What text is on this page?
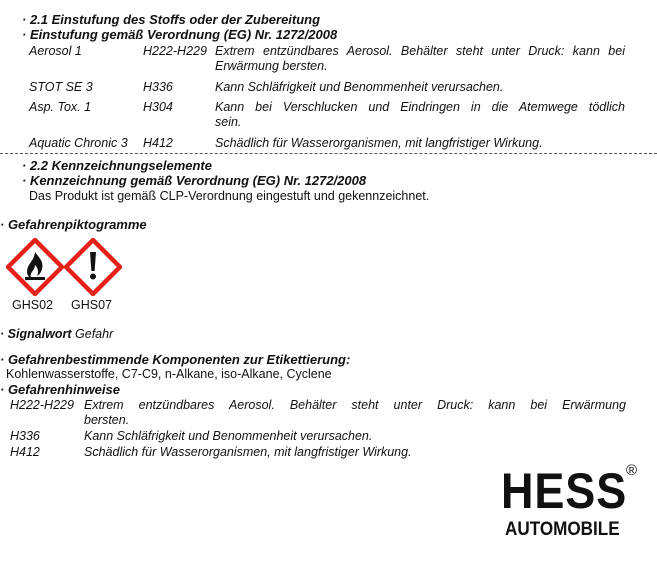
· 2.1 Einstufung des Stoffs oder der Zubereitung
· Einstufung gemäß Verordnung (EG) Nr. 1272/2008
Aerosol 1	H222-H229 Extrem entzündbares Aerosol. Behälter steht unter Druck: kann bei
Erwärmung bersten.
STOT SE 3	H336	Kann Schläfrigkeit und Benommenheit verursachen.
Asp. Tox. 1	H304	Kann bei Verschlucken und Eindringen in die Atemwege tödlich
sein.
Aquatic Chronic 3 H412	Schädlich für Wasserorganismen, mit langfristiger Wirkung.
· 2.2 Kennzeichnungselemente
· Kennzeichnung gemäß Verordnung (EG) Nr. 1272/2008
Das Produkt ist gemäß CLP-Verordnung eingestuft und gekennzeichnet.
· Gefahrenpiktogramme
GHS02 GHS07
· Signalwort Gefahr
· Gefahrenbestimmende Komponenten zur Etikettierung:
Kohlenwasserstoffe, C7-C9, n-Alkane, iso-Alkane, Cyclene
· Gefahrenhinweise
H222-H229 Extrem entzündbares Aerosol. Behälter steht unter Druck: kann bei Erwärmung
bersten.
H336	Kann Schläfrigkeit und Benommenheit verursachen.
H412	Schädlich für Wasserorganismen, mit langfristiger Wirkung.
HESS
®
AUTOMOBILE
